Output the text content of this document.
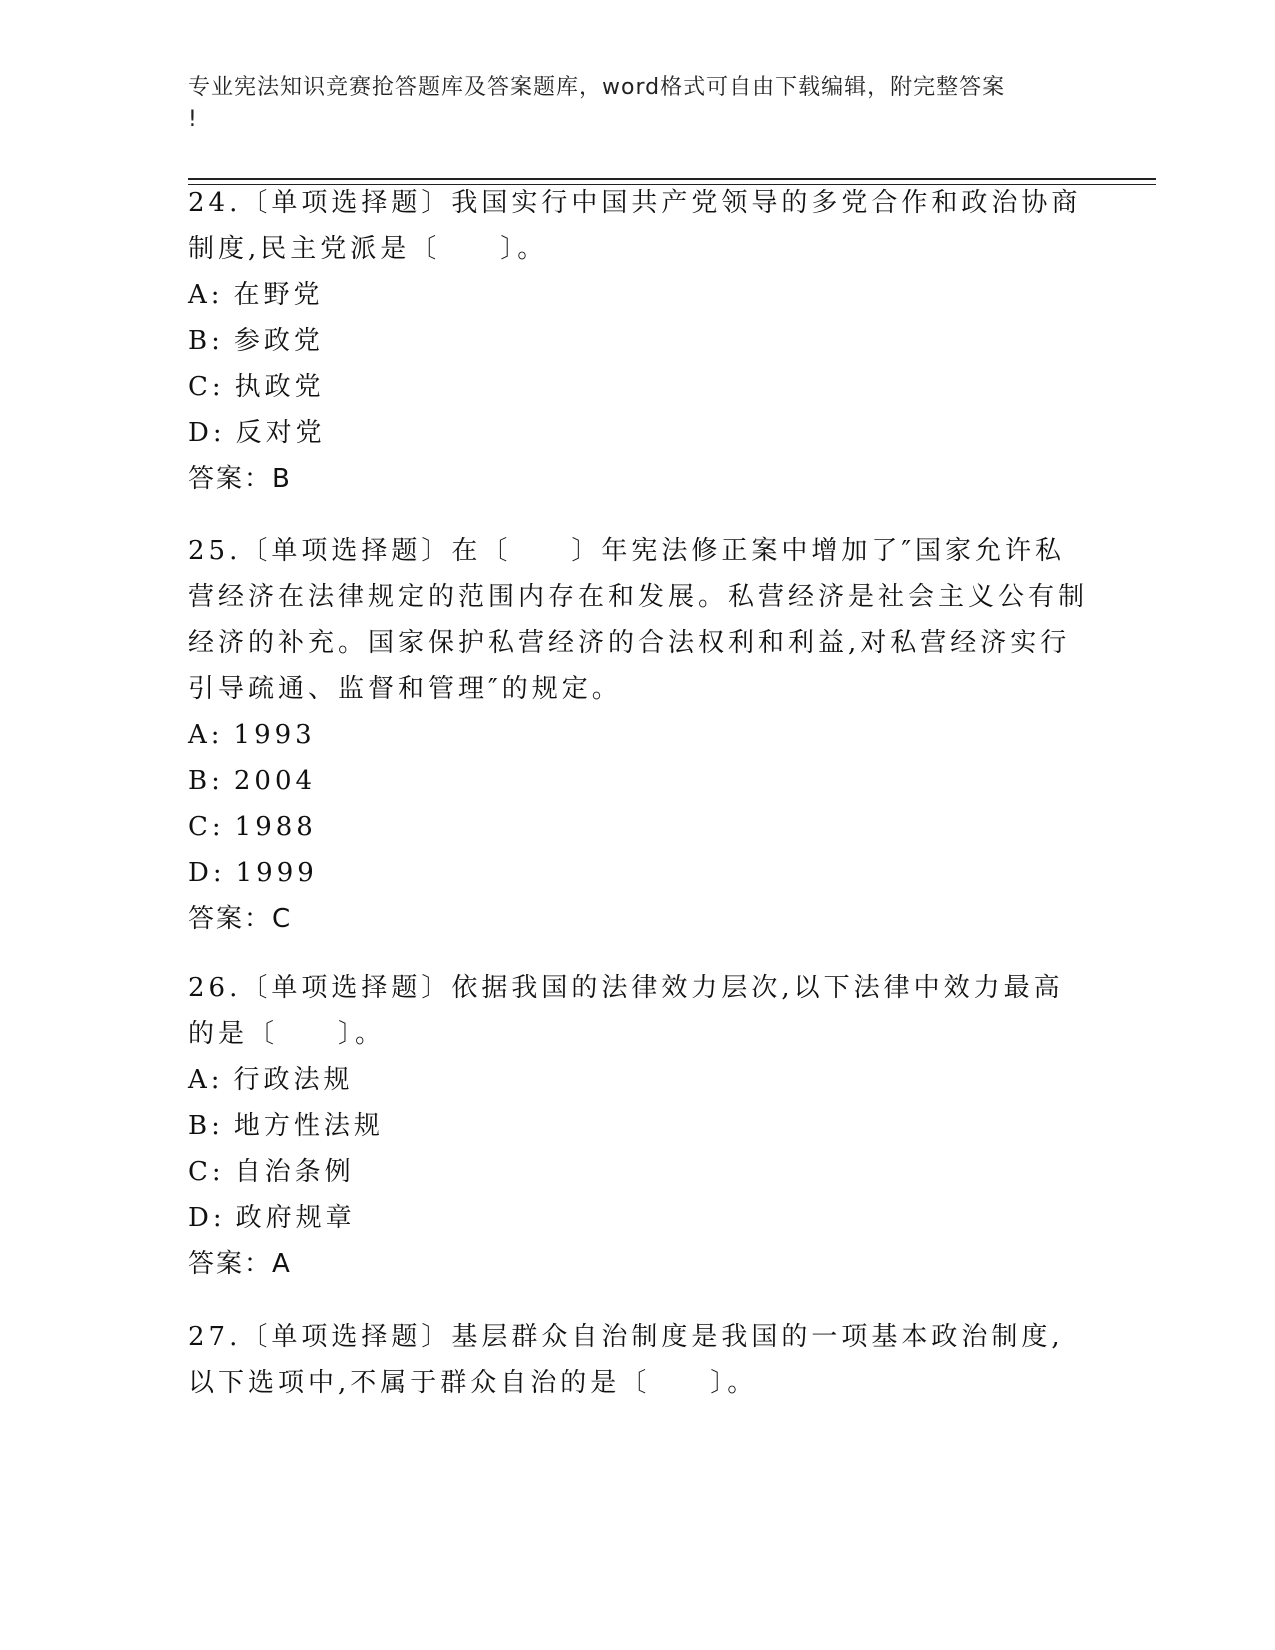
专业宪法知识竞赛抢答题库及答案题库，word格式可自由下载编辑，附完整答案
!

24.〔单项选择题〕我国实行中国共产党领导的多党合作和政治协商制度,民主党派是〔　　〕。

A: 在野党

B: 参政党

C: 执政党

D: 反对党

答案：B

25.〔单项选择题〕在〔　　〕年宪法修正案中增加了″国家允许私营经济在法律规定的范围内存在和发展。私营经济是社会主义公有制经济的补充。国家保护私营经济的合法权利和利益,对私营经济实行引导疏通、监督和管理″的规定。

A: 1993

B: 2004

C: 1988

D: 1999

答案：C

26.〔单项选择题〕依据我国的法律效力层次,以下法律中效力最高的是〔　　〕。

A: 行政法规

B: 地方性法规

C: 自治条例

D: 政府规章

答案：A

27.〔单项选择题〕基层群众自治制度是我国的一项基本政治制度,以下选项中,不属于群众自治的是〔　　〕。
